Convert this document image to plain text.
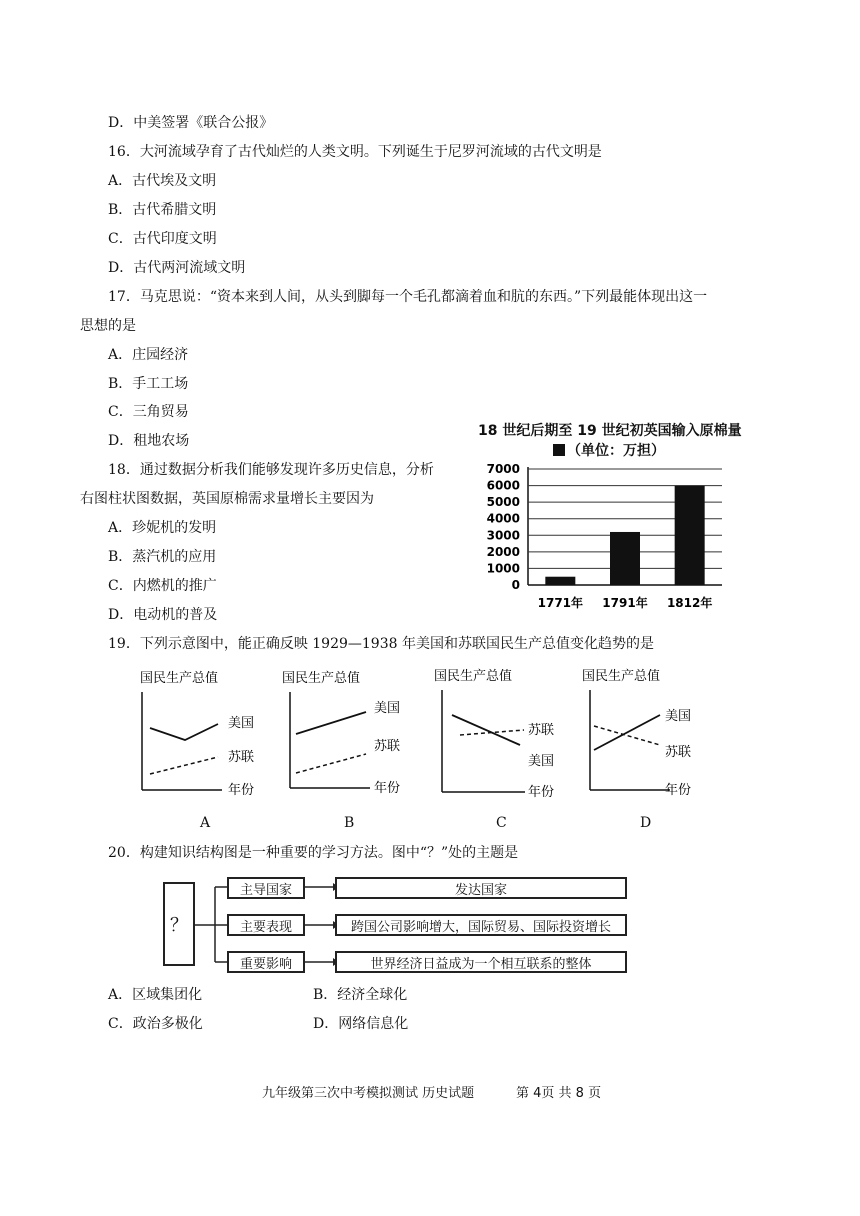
D．中美签署《联合公报》
16．大河流域孕育了古代灿烂的人类文明。下列诞生于尼罗河流域的古代文明是
A．古代埃及文明
B．古代希腊文明
C．古代印度文明
D．古代两河流域文明
17．马克思说：“资本来到人间，从头到脚每一个毛孔都滴着血和肮的东西。”下列最能体现出这一
思想的是
A．庄园经济
B．手工工场
C．三角贸易
D．租地农场
18．通过数据分析我们能够发现许多历史信息，分析
右图柱状图数据，英国原棉需求量增长主要因为
A．珍妮机的发明
B．蒸汽机的应用
C．内燃机的推广
D．电动机的普及
18 世纪后期至 19 世纪初英国输入原棉量
（单位：万担）
0
1000
2000
3000
4000
5000
6000
7000
1771年 1791年 1812年
19．下列示意图中，能正确反映 1929—1938 年美国和苏联国民生产总值变化趋势的是
国民生产总值
美国
苏联
年份
A
国民生产总值
美国
苏联
年份
B
国民生产总值
苏联
美国
年份
C
国民生产总值
美国
苏联
年份
D
20．构建知识结构图是一种重要的学习方法。图中“？”处的主题是
？
主导国家
主要表现
重要影响
发达国家
跨国公司影响增大，国际贸易、国际投资增长
世界经济日益成为一个相互联系的整体
A．区域集团化	B．经济全球化
C．政治多极化	D．网络信息化
九年级第三次中考模拟测试 历史试题	第 4页 共 8 页
